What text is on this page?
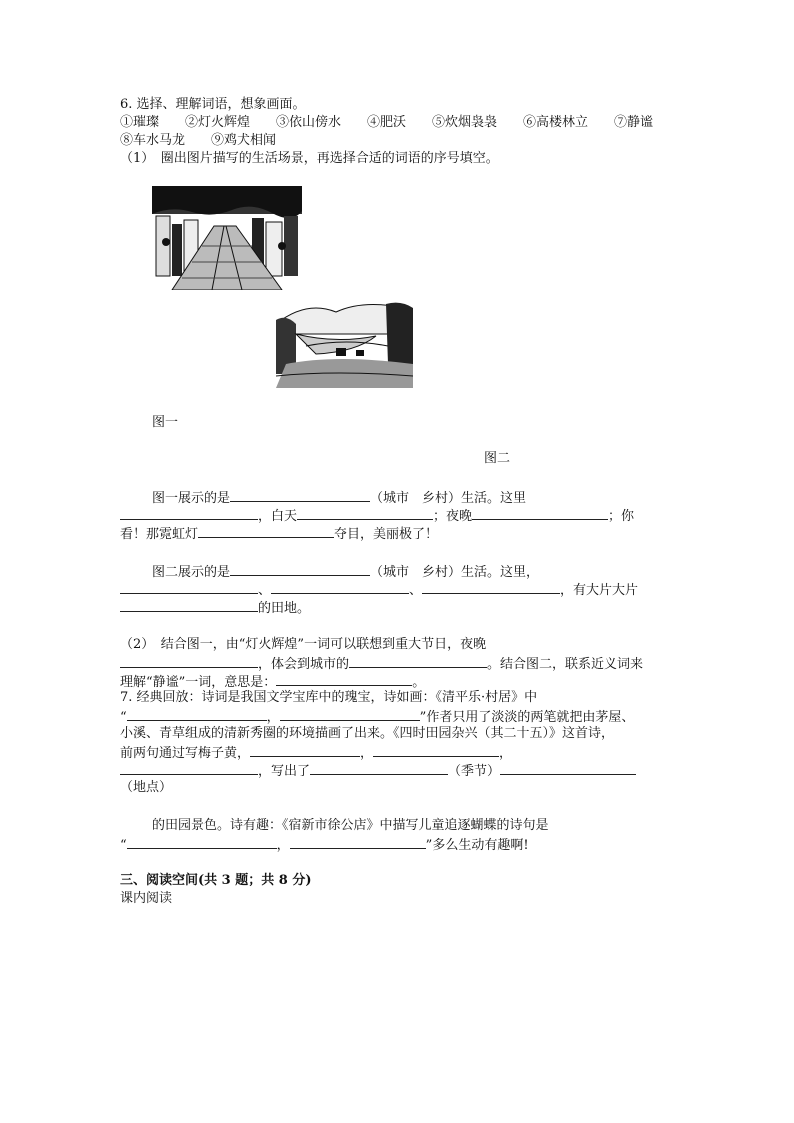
6. 选择、理解词语，想象画面。
①璀璨　　②灯火辉煌　　③依山傍水　　④肥沃　　⑤炊烟袅袅　　⑥高楼林立　　⑦静谧
⑧车水马龙　　⑨鸡犬相闻
（1）　圈出图片描写的生活场景，再选择合适的词语的序号填空。
图一
图二
图一展示的是	（城市　乡村）生活。这里
，白天	；夜晚	；你
看！那霓虹灯	夺目，美丽极了！
图二展示的是	（城市　乡村）生活。这里，
、	、	，有大片大片
的田地。
（2）　结合图一，由“灯火辉煌”一词可以联想到重大节日，夜晚
，体会到城市的	。结合图二，联系近义词来
理解“静谧”一词，意思是：	。
7. 经典回放：诗词是我国文学宝库中的瑰宝，诗如画：《清平乐·村居》中
“	，	”作者只用了淡淡的两笔就把由茅屋、
小溪、青草组成的清新秀圈的环境描画了出来。《四时田园杂兴（其二十五）》这首诗，
前两句通过写梅子黄，	，	，
，写出了	（季节）
（地点）
的田园景色。诗有趣：《宿新市徐公店》中描写儿童追逐蝴蝶的诗句是
“	，	”多么生动有趣啊!
三、阅读空间(共 3 题；共 8 分)
课内阅读
